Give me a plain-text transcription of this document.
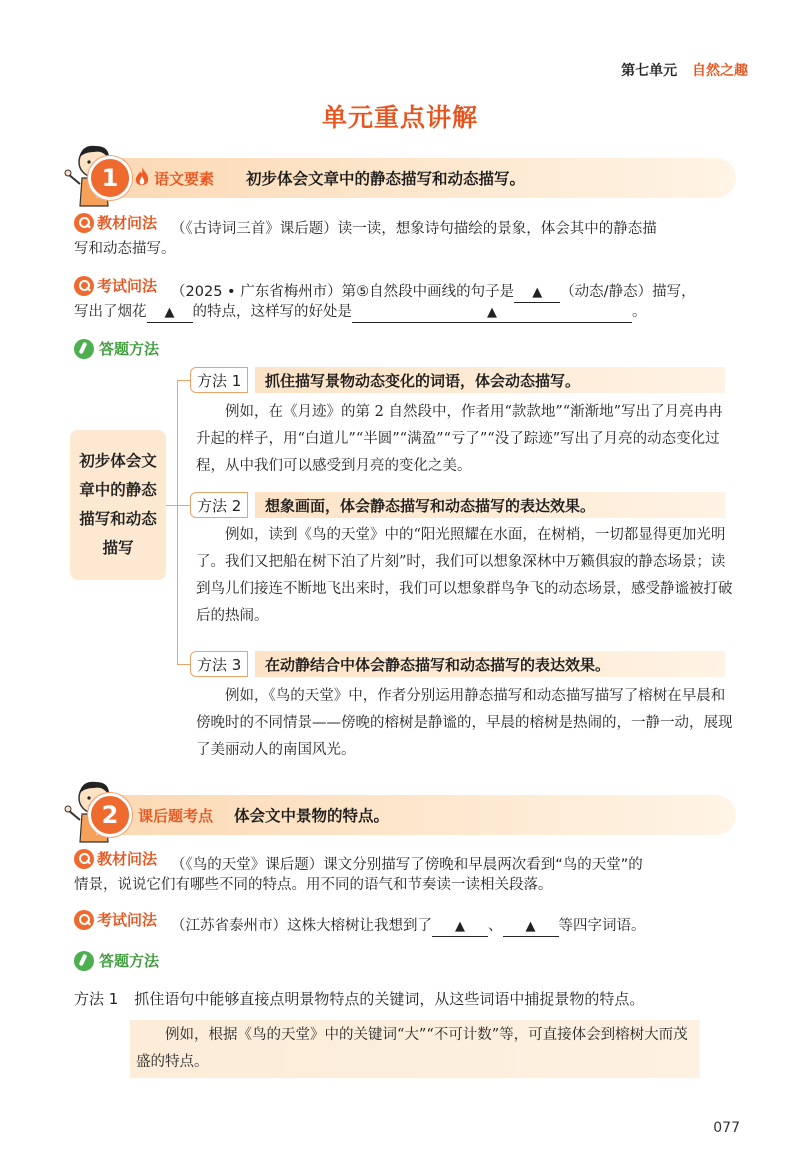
第七单元 自然之趣
单元重点讲解
1	语文要素 初步体会文章中的静态描写和动态描写。
教材问法 （《古诗词三首》课后题）读一读，想象诗句描绘的景象，体会其中的静态描
写和动态描写。
考试问法 （2025 • 广东省梅州市）第⑤自然段中画线的句子是 ▲ （动态/静态）描写，
写出了烟花 ▲ 的特点，这样写的好处是	▲	。
答题方法
初步体会文章中的静态描写和动态描写
方法 1	抓住描写景物动态变化的词语，体会动态描写。
例如，在《月迹》的第 2 自然段中，作者用“款款地”“渐渐地”写出了月亮冉冉升起的样子，用“白道儿”“半圆”“满盈”“亏了”“没了踪迹”写出了月亮的动态变化过程，从中我们可以感受到月亮的变化之美。
方法 2	想象画面，体会静态描写和动态描写的表达效果。
例如，读到《鸟的天堂》中的“阳光照耀在水面，在树梢，一切都显得更加光明了。我们又把船在树下泊了片刻”时，我们可以想象深林中万籁俱寂的静态场景；读到鸟儿们接连不断地飞出来时，我们可以想象群鸟争飞的动态场景，感受静谧被打破后的热闹。
方法 3	在动静结合中体会静态描写和动态描写的表达效果。
例如，《鸟的天堂》中，作者分别运用静态描写和动态描写描写了榕树在早晨和傍晚时的不同情景——傍晚的榕树是静谧的，早晨的榕树是热闹的，一静一动，展现了美丽动人的南国风光。
2	课后题考点 体会文中景物的特点。
教材问法 （《鸟的天堂》课后题）课文分别描写了傍晚和早晨两次看到“鸟的天堂”的
情景，说说它们有哪些不同的特点。用不同的语气和节奏读一读相关段落。
考试问法 （江苏省泰州市）这株大榕树让我想到了 ▲ 、 ▲ 等四字词语。
答题方法
方法 1 抓住语句中能够直接点明景物特点的关键词，从这些词语中捕捉景物的特点。
例如，根据《鸟的天堂》中的关键词“大”“不可计数”等，可直接体会到榕树大而茂盛的特点。
077
